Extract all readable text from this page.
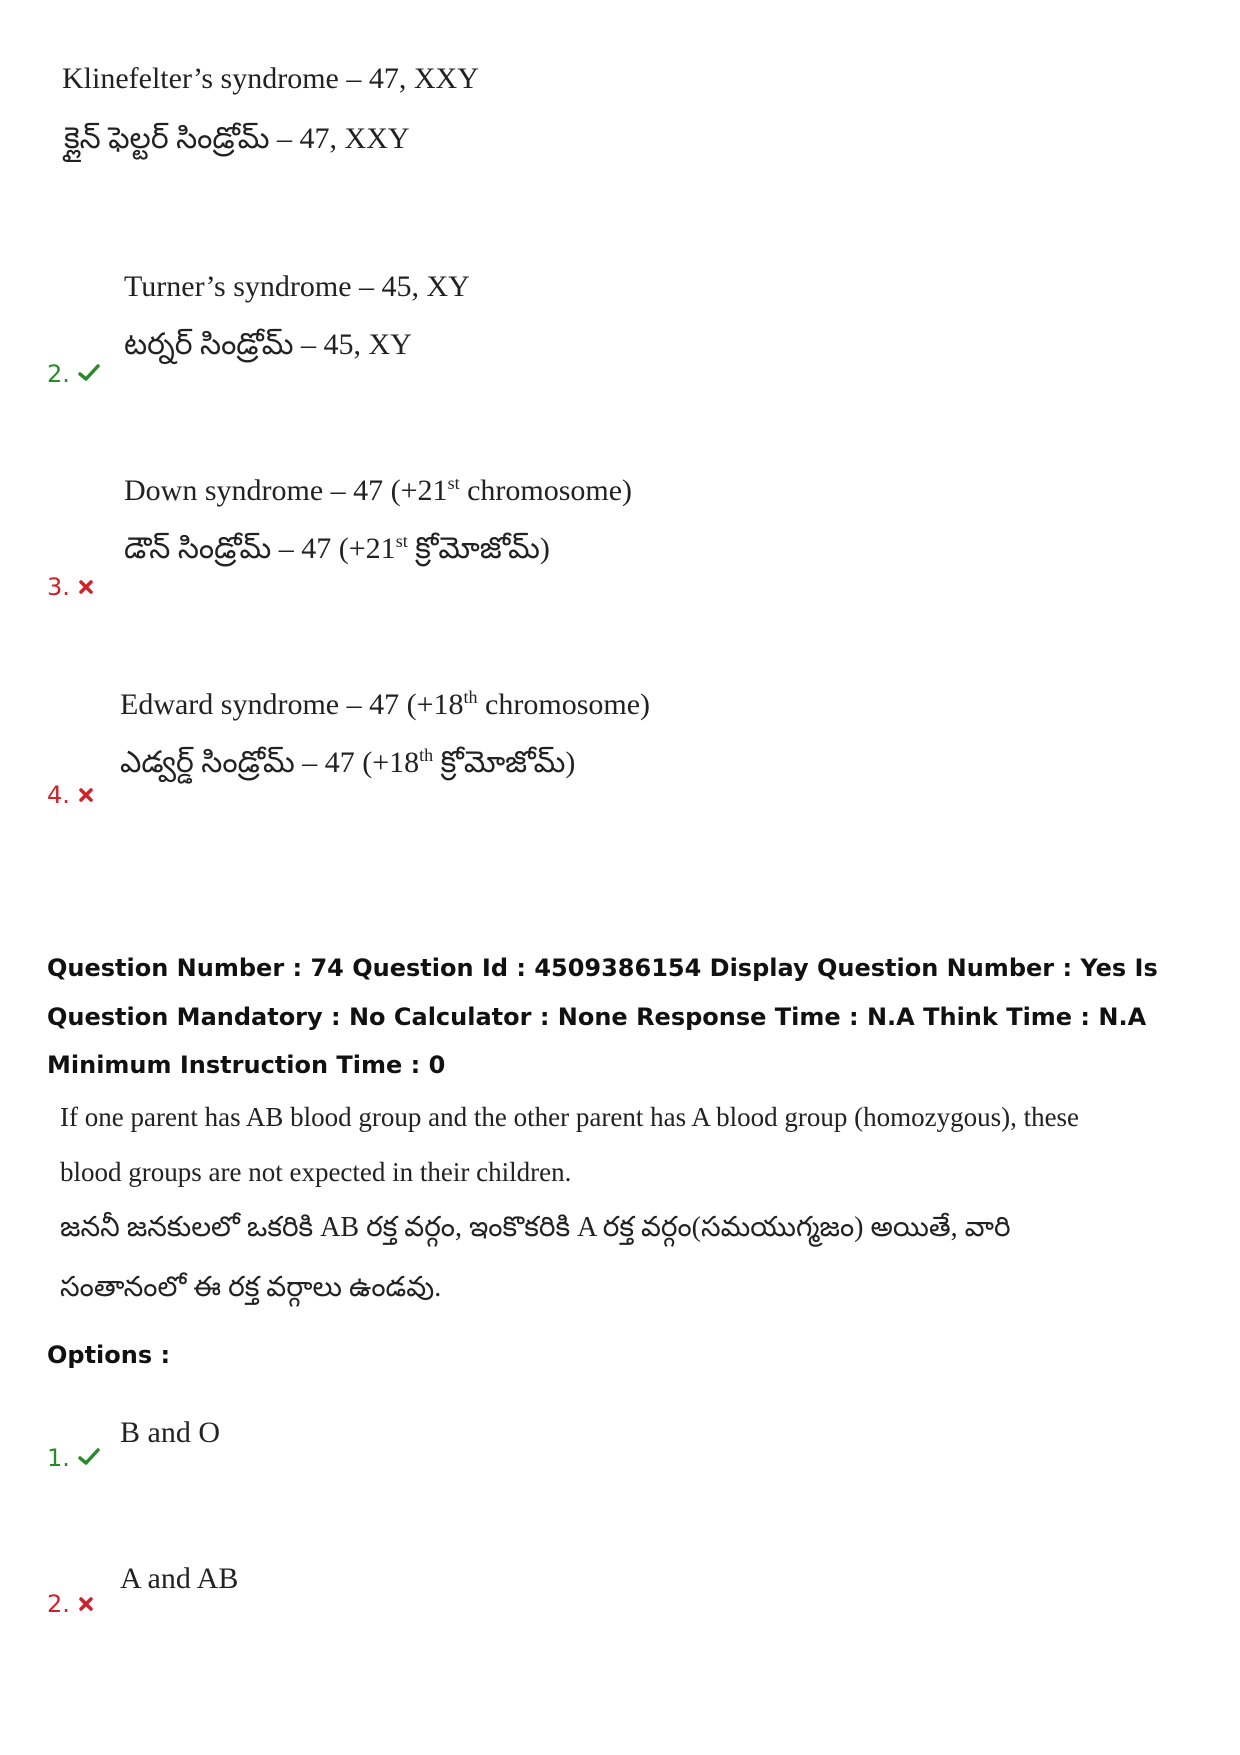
Klinefelter’s syndrome – 47, XXY
క్లైన్ ఫెల్టర్ సిండ్రోమ్ – 47, XXY
Turner’s syndrome – 45, XY
టర్నర్ సిండ్రోమ్ – 45, XY
2.
Down syndrome – 47 (+21st chromosome)
డౌన్ సిండ్రోమ్ – 47 (+21st క్రోమోజోమ్)
3.
Edward syndrome – 47 (+18th chromosome)
ఎడ్వర్డ్ సిండ్రోమ్ – 47 (+18th క్రోమోజోమ్)
4.
Question Number : 74 Question Id : 4509386154 Display Question Number : Yes Is Question Mandatory : No Calculator : None Response Time : N.A Think Time : N.A Minimum Instruction Time : 0
If one parent has AB blood group and the other parent has A blood group (homozygous), these
blood groups are not expected in their children.
జననీ జనకులలో ఒకరికి AB రక్త వర్గం, ఇంకొకరికి A రక్త వర్గం(సమయుగ్మజం) అయితే, వారి
సంతానంలో ఈ రక్త వర్గాలు ఉండవు.
Options :
B and O
1.
A and AB
2.
